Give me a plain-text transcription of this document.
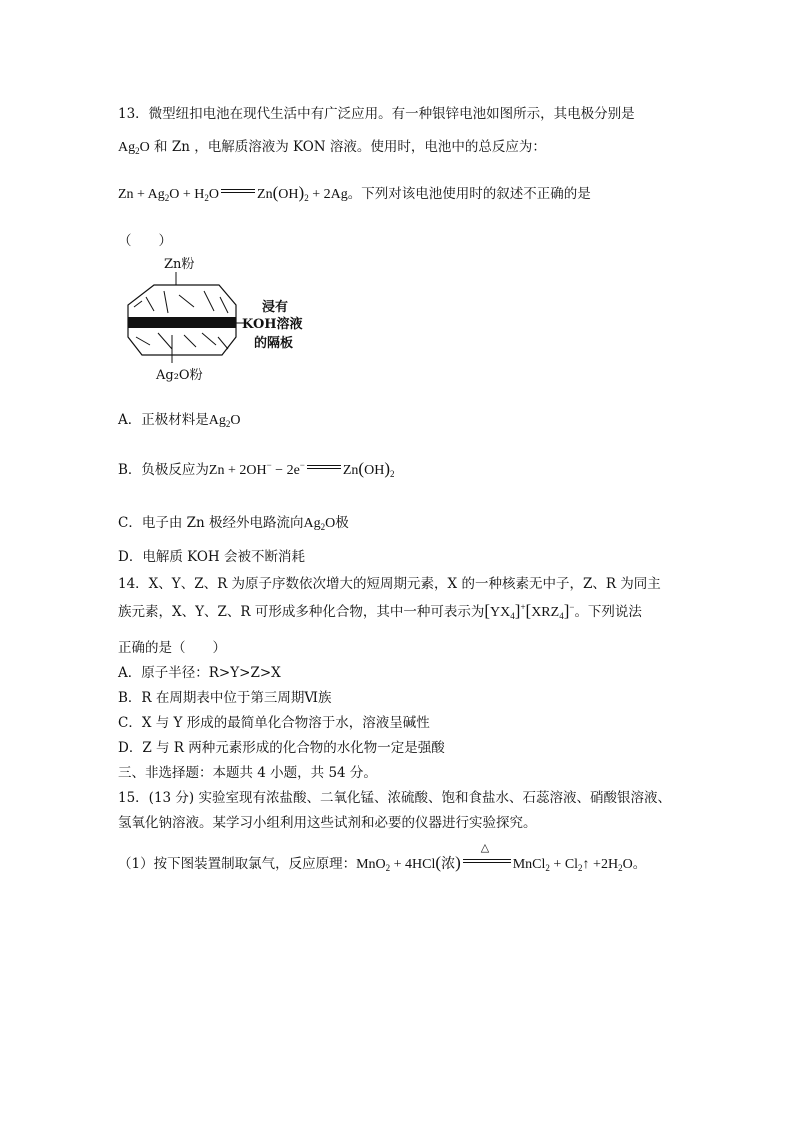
13．微型纽扣电池在现代生活中有广泛应用。有一种银锌电池如图所示，其电极分别是
$Ag_2O$ 和 Zn ，电解质溶液为 KON 溶液。使用时，电池中的总反应为：
$Zn + Ag_2O + H_2O$	$Zn(OH)_2 + 2Ag$。下列对该电池使用时的叙述不正确的是
（　　）
Zn粉
Ag₂O粉
浸有
KOH溶液
的隔板
A．正极材料是$Ag_2O$
B．负极反应为Zn + 2OH− − 2e−	$Zn(OH)_2$
C．电子由 Zn 极经外电路流向$Ag_2O$极
D．电解质 KOH 会被不断消耗
14．X、Y、Z、R 为原子序数依次增大的短周期元素，X 的一种核素无中子，Z、R 为同主
族元素，X、Y、Z、R 可形成多种化合物，其中一种可表示为$[YX_4]^+[XRZ_4]^-$。下列说法
正确的是（　　）
A．原子半径：R>Y>Z>X
B．R 在周期表中位于第三周期Ⅵ族
C．X 与 Y 形成的最简单化合物溶于水，溶液呈碱性
D．Z 与 R 两种元素形成的化合物的水化物一定是强酸
三、非选择题：本题共 4 小题，共 54 分。
15．(13 分) 实验室现有浓盐酸、二氧化锰、浓硫酸、饱和食盐水、石蕊溶液、硝酸银溶液、
氢氧化钠溶液。某学习小组利用这些试剂和必要的仪器进行实验探究。
（1）按下图装置制取氯气，反应原理：MnO$_2$ + 4HCl(浓)
△
MnCl$_2$ + $Cl_2↑ +2H_2O$。
